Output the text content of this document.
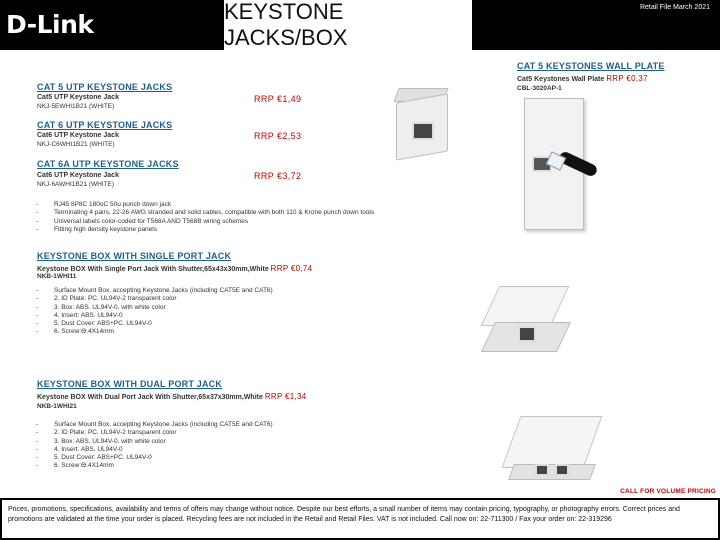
D-Link	KEYSTONE JACKS/BOX
Retail File March 2021
CAT 5 UTP KEYSTONE JACKS
Cat5 UTP Keystone Jack
NKJ-5EWHI1B21 (WHITE)
RRP €1,49
CAT 6 UTP KEYSTONE JACKS
Cat6 UTP Keystone Jack
NKJ-C6WHI1B21 (WHITE)
RRP €2,53
CAT 6A UTP KEYSTONE JACKS
Cat6 UTP Keystone Jack
NKJ-6AWHI1B21 (WHITE)
RRP €3,72
CAT 5 KEYSTONES WALL PLATE
Cat5 Keystones Wall Plate RRP €0,37
CBL-3020AP-1
- RJ45 8P8C 180oC 50u punch down jack
- Terminating 4 pairs, 22-26 AWG stranded and solid cables, compatible with both 110 & Krone punch down tools
- Universal labels color-coded for T568A AND T568B wiring schemes
- Fitting high density keystone panels
KEYSTONE BOX WITH SINGLE PORT JACK
Keystone BOX With Single Port Jack With Shutter,65x43x30mm,White RRP €0,74
NKB-1WHI11
- Surface Mount Box, accepting Keystone Jacks (including CAT5E and CAT6)
- 2. ID Plate: PC. UL94V-2 transparent color
- 3. Box: ABS. UL94V-0. with white color
- 4. Insert: ABS. UL94V-0
- 5. Dust Cover: ABS+PC. UL94V-0
- 6. Screw:Ɵ.4X14mm
KEYSTONE BOX WITH DUAL PORT JACK
Keystone BOX With Dual Port Jack With Shutter,65x37x30mm,White RRP €1,34
NKB-1WHI21
- Surface Mount Box, accepting Keystone Jacks (including CAT5E and CAT6)
- 2. ID Plate: PC. UL94V-2 transparent color
- 3. Box: ABS. UL94V-0. with white color
- 4. Insert: ABS. UL94V-0
- 5. Dust Cover: ABS+PC. UL94V-0
- 6. Screw:Ɵ.4X14mm
CALL FOR VOLUME PRICING
Prices, promotions, specifications, availability and terms of offers may change without notice. Despite our best efforts, a small number of items may contain pricing, typography, or photography errors. Correct prices and promotions are validated at the time your order is placed. Recycling fees are not included in the Retail and Retail Files. VAT is not included. Call now on: 22-711300 / Fax your order on: 22-319296
